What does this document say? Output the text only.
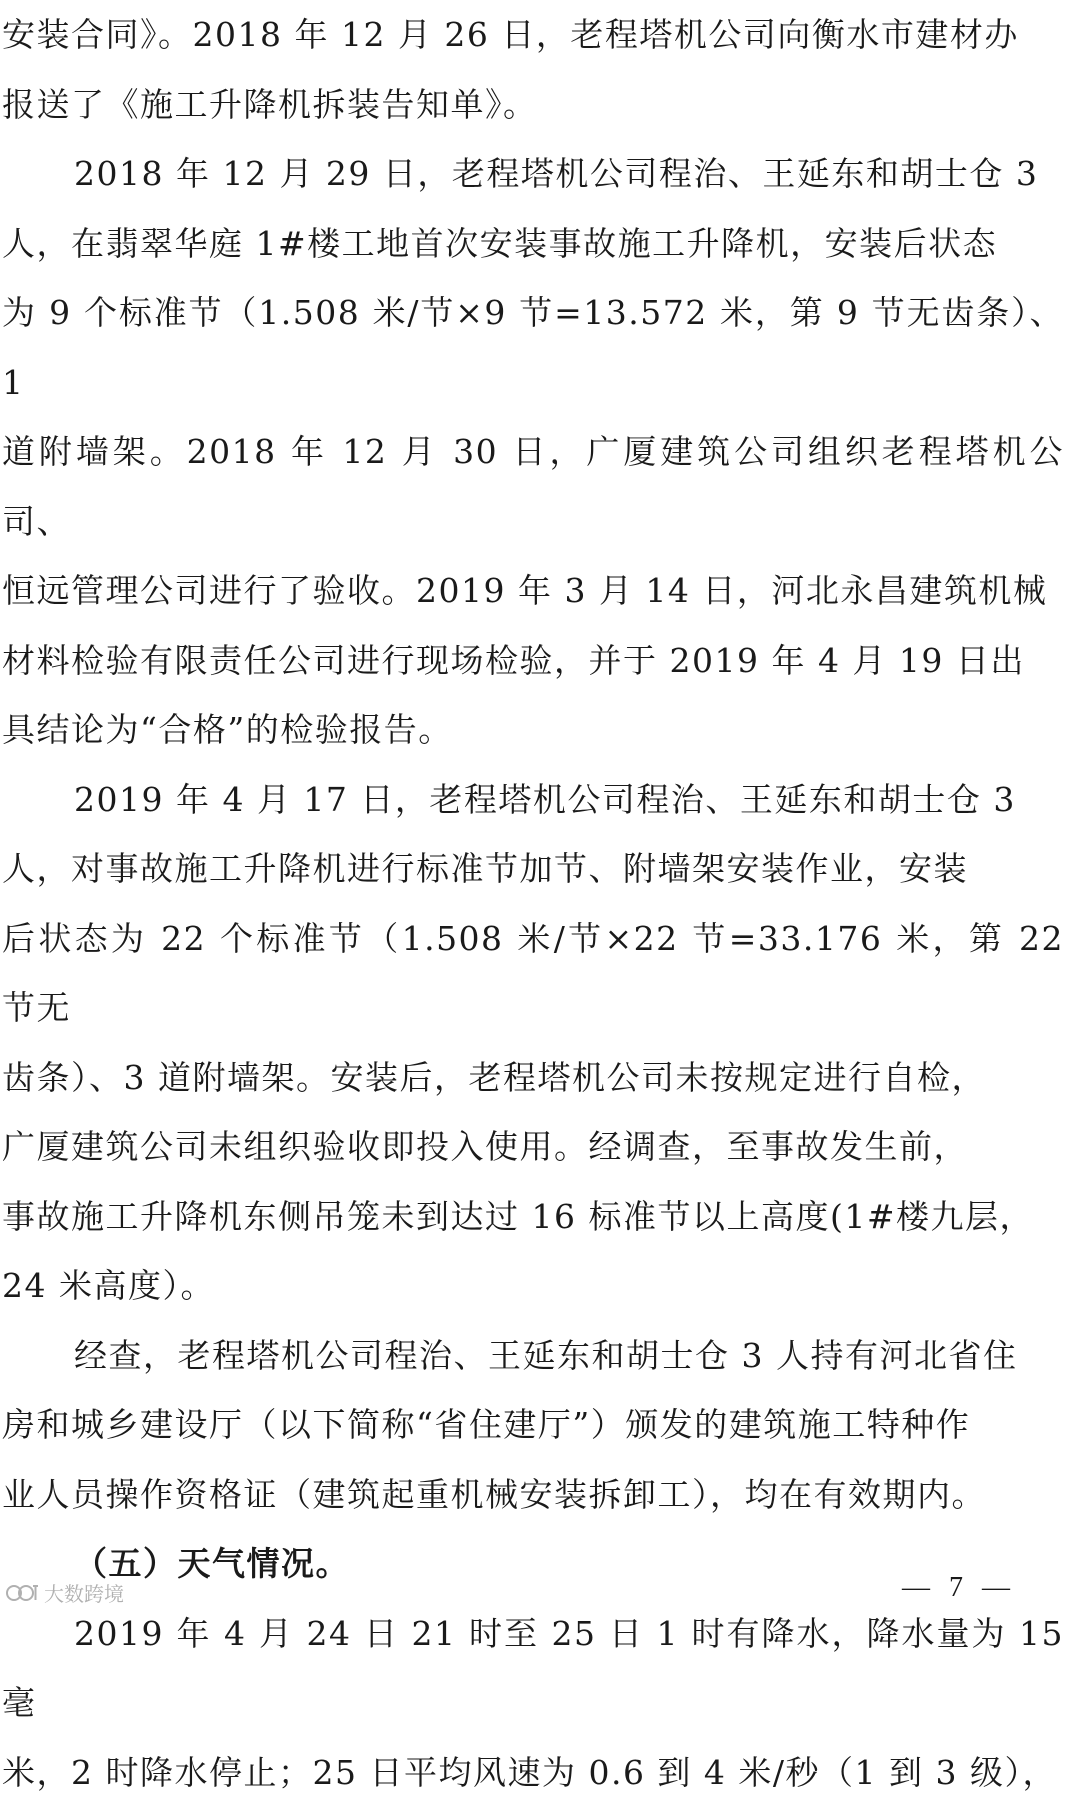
安装合同》。2018 年 12 月 26 日，老程塔机公司向衡水市建材办
报送了《施工升降机拆装告知单》。

2018 年 12 月 29 日，老程塔机公司程治、王延东和胡士仓 3
人，在翡翠华庭 1#楼工地首次安装事故施工升降机，安装后状态
为 9 个标准节（1.508 米/节×9 节=13.572 米，第 9 节无齿条）、1
道附墙架。2018 年 12 月 30 日，广厦建筑公司组织老程塔机公司、
恒远管理公司进行了验收。2019 年 3 月 14 日，河北永昌建筑机械
材料检验有限责任公司进行现场检验，并于 2019 年 4 月 19 日出
具结论为“合格”的检验报告。

2019 年 4 月 17 日，老程塔机公司程治、王延东和胡士仓 3
人，对事故施工升降机进行标准节加节、附墙架安装作业，安装
后状态为 22 个标准节（1.508 米/节×22 节=33.176 米，第 22 节无
齿条）、3 道附墙架。安装后，老程塔机公司未按规定进行自检，
广厦建筑公司未组织验收即投入使用。经调查，至事故发生前，
事故施工升降机东侧吊笼未到达过 16 标准节以上高度(1#楼九层，
24 米高度）。

经查，老程塔机公司程治、王延东和胡士仓 3 人持有河北省住
房和城乡建设厅（以下简称“省住建厅”）颁发的建筑施工特种作
业人员操作资格证（建筑起重机械安装拆卸工），均在有效期内。

（五）天气情况。

2019 年 4 月 24 日 21 时至 25 日 1 时有降水，降水量为 15 毫
米，2 时降水停止；25 日平均风速为 0.6 到 4 米/秒（1 到 3 级），

大数跨境	— 7 —
